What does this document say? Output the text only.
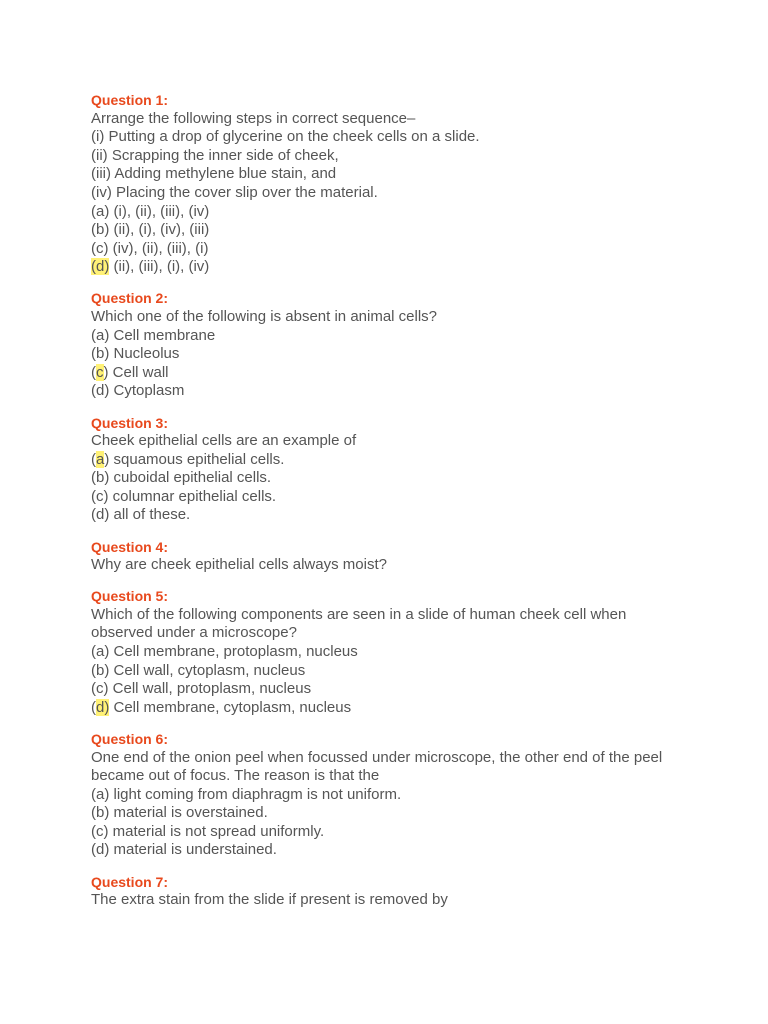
Question 1:
Arrange the following steps in correct sequence–
(i) Putting a drop of glycerine on the cheek cells on a slide.
(ii) Scrapping the inner side of cheek,
(iii) Adding methylene blue stain, and
(iv) Placing the cover slip over the material.
(a) (i), (ii), (iii), (iv)
(b) (ii), (i), (iv), (iii)
(c) (iv), (ii), (iii), (i)
(d) (ii), (iii), (i), (iv)
Question 2:
Which one of the following is absent in animal cells?
(a) Cell membrane
(b) Nucleolus
(c) Cell wall
(d) Cytoplasm
Question 3:
Cheek epithelial cells are an example of
(a) squamous epithelial cells.
(b) cuboidal epithelial cells.
(c) columnar epithelial cells.
(d) all of these.
Question 4:
Why are cheek epithelial cells always moist?
Question 5:
Which of the following components are seen in a slide of human cheek cell when observed under a microscope?
(a) Cell membrane, protoplasm, nucleus
(b) Cell wall, cytoplasm, nucleus
(c) Cell wall, protoplasm, nucleus
(d) Cell membrane, cytoplasm, nucleus
Question 6:
One end of the onion peel when focussed under microscope, the other end of the peel became out of focus. The reason is that the
(a) light coming from diaphragm is not uniform.
(b) material is overstained.
(c) material is not spread uniformly.
(d) material is understained.
Question 7:
The extra stain from the slide if present is removed by
